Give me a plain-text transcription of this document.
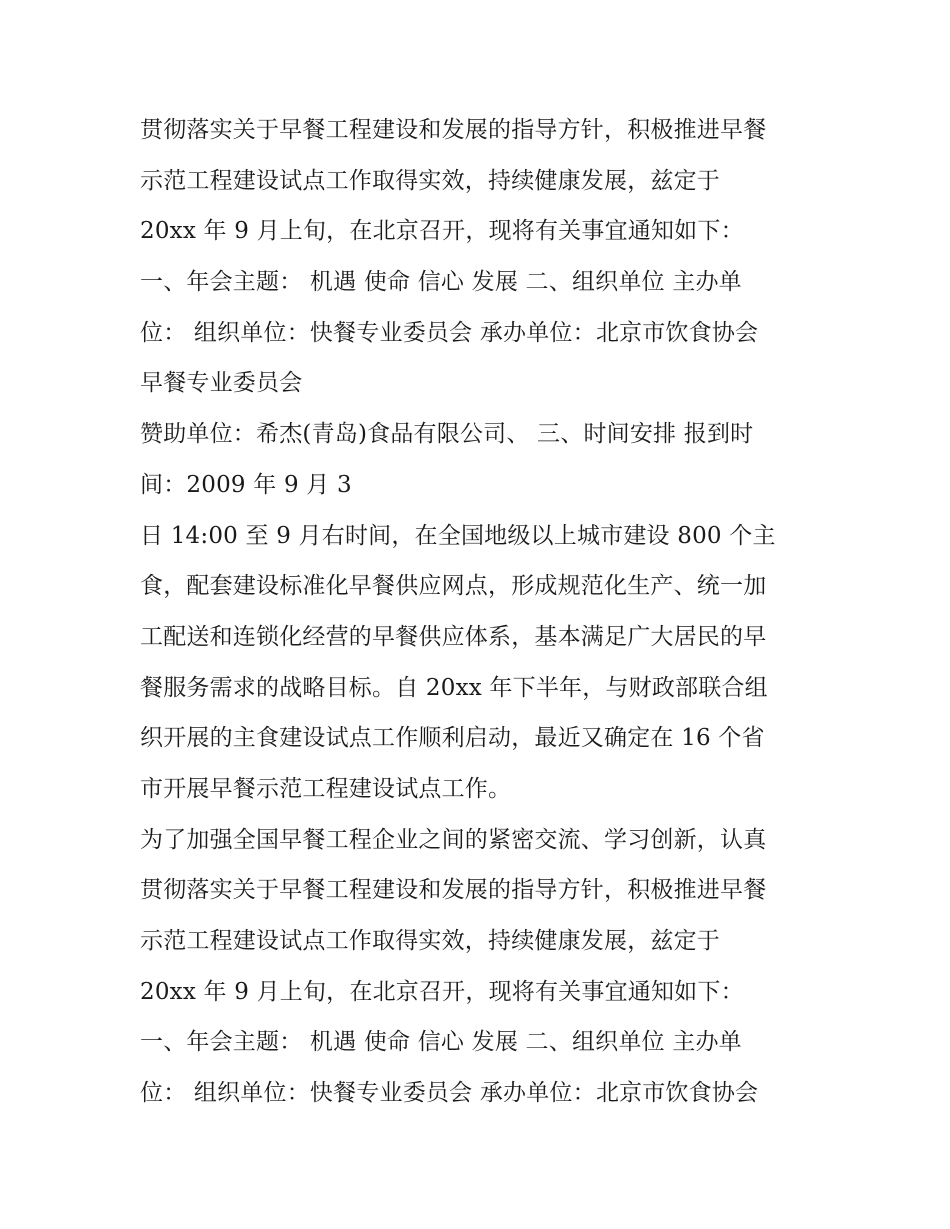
贯彻落实关于早餐工程建设和发展的指导方针，积极推进早餐
示范工程建设试点工作取得实效，持续健康发展，兹定于
20xx 年 9 月上旬，在北京召开，现将有关事宜通知如下：
一、年会主题： 机遇 使命 信心 发展 二、组织单位 主办单
位： 组织单位：快餐专业委员会 承办单位：北京市饮食协会
早餐专业委员会
赞助单位：希杰(青岛)食品有限公司、 三、时间安排 报到时
间：2009 年 9 月 3
日 14:00 至 9 月右时间，在全国地级以上城市建设 800 个主
食，配套建设标准化早餐供应网点，形成规范化生产、统一加
工配送和连锁化经营的早餐供应体系，基本满足广大居民的早
餐服务需求的战略目标。自 20xx 年下半年，与财政部联合组
织开展的主食建设试点工作顺利启动，最近又确定在 16 个省
市开展早餐示范工程建设试点工作。
为了加强全国早餐工程企业之间的紧密交流、学习创新，认真
贯彻落实关于早餐工程建设和发展的指导方针，积极推进早餐
示范工程建设试点工作取得实效，持续健康发展，兹定于
20xx 年 9 月上旬，在北京召开，现将有关事宜通知如下：
一、年会主题： 机遇 使命 信心 发展 二、组织单位 主办单
位： 组织单位：快餐专业委员会 承办单位：北京市饮食协会
